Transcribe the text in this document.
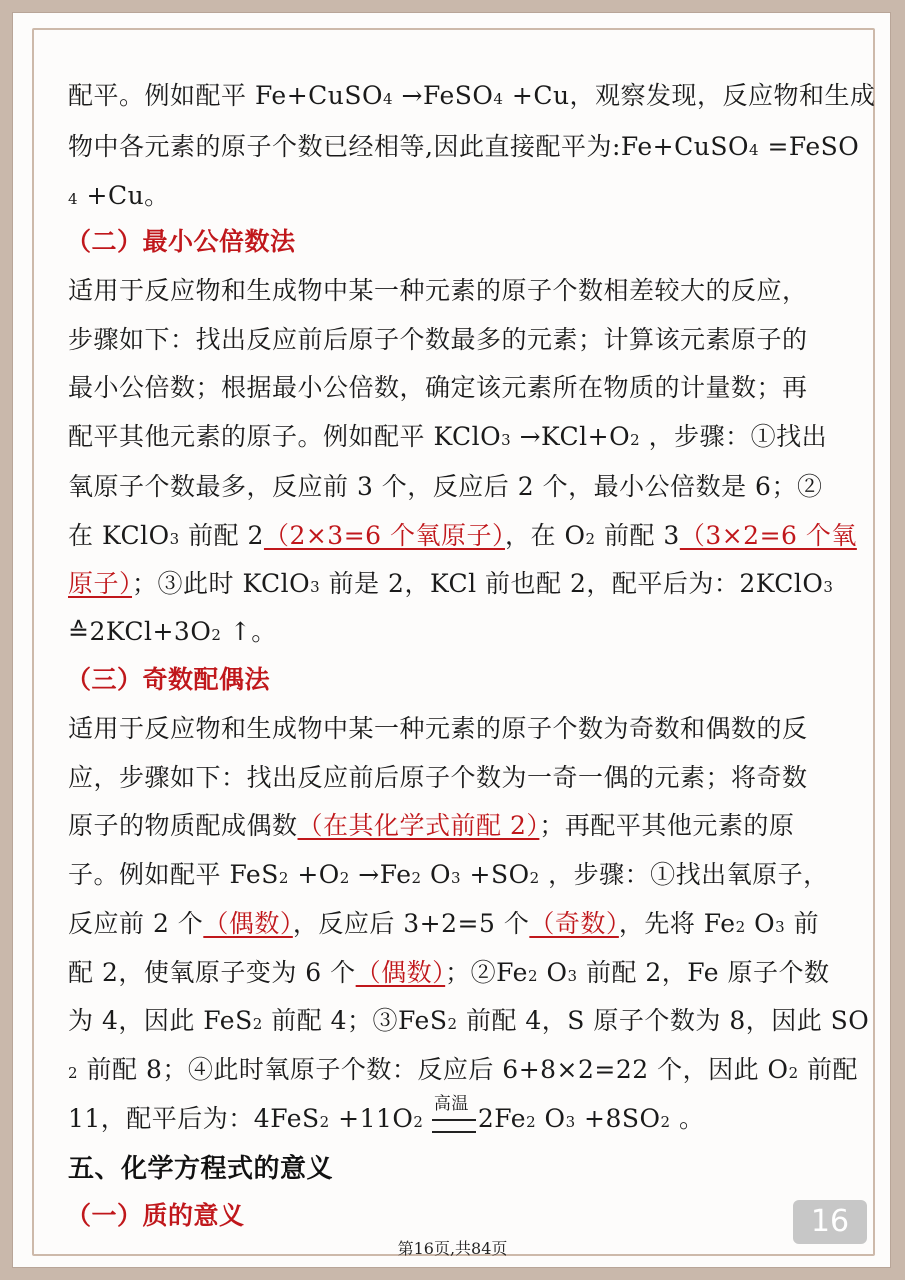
配平。例如配平 Fe+CuSO4 →FeSO4 +Cu，观察发现，反应物和生成
物中各元素的原子个数已经相等,因此直接配平为:Fe+CuSO4 =FeSO
4 +Cu。
（二）最小公倍数法
适用于反应物和生成物中某一种元素的原子个数相差较大的反应，
步骤如下：找出反应前后原子个数最多的元素；计算该元素原子的
最小公倍数；根据最小公倍数，确定该元素所在物质的计量数；再
配平其他元素的原子。例如配平 KClO3 →KCl+O2 ，步骤：①找出
氧原子个数最多，反应前 3 个，反应后 2 个，最小公倍数是 6；②
在 KClO3 前配 2（2×3=6 个氧原子），在 O2 前配 3（3×2=6 个氧
原子）；③此时 KClO3 前是 2，KCl 前也配 2，配平后为：2KClO3
≙2KCl+3O2 ↑。
（三）奇数配偶法
适用于反应物和生成物中某一种元素的原子个数为奇数和偶数的反
应，步骤如下：找出反应前后原子个数为一奇一偶的元素；将奇数
原子的物质配成偶数（在其化学式前配 2）；再配平其他元素的原
子。例如配平 FeS2 +O2 →Fe2 O3 +SO2 ，步骤：①找出氧原子，
反应前 2 个（偶数），反应后 3+2=5 个（奇数），先将 Fe2 O3 前
配 2，使氧原子变为 6 个（偶数）；②Fe2 O3 前配 2，Fe 原子个数
为 4，因此 FeS2 前配 4；③FeS2 前配 4，S 原子个数为 8，因此 SO
2 前配 8；④此时氧原子个数：反应后 6+8×2=22 个，因此 O2 前配
11，配平后为：4FeS2 +11O2
高温 2Fe2 O3 +8SO2 。
五、化学方程式的意义
（一）质的意义	16
第16页,共84页
